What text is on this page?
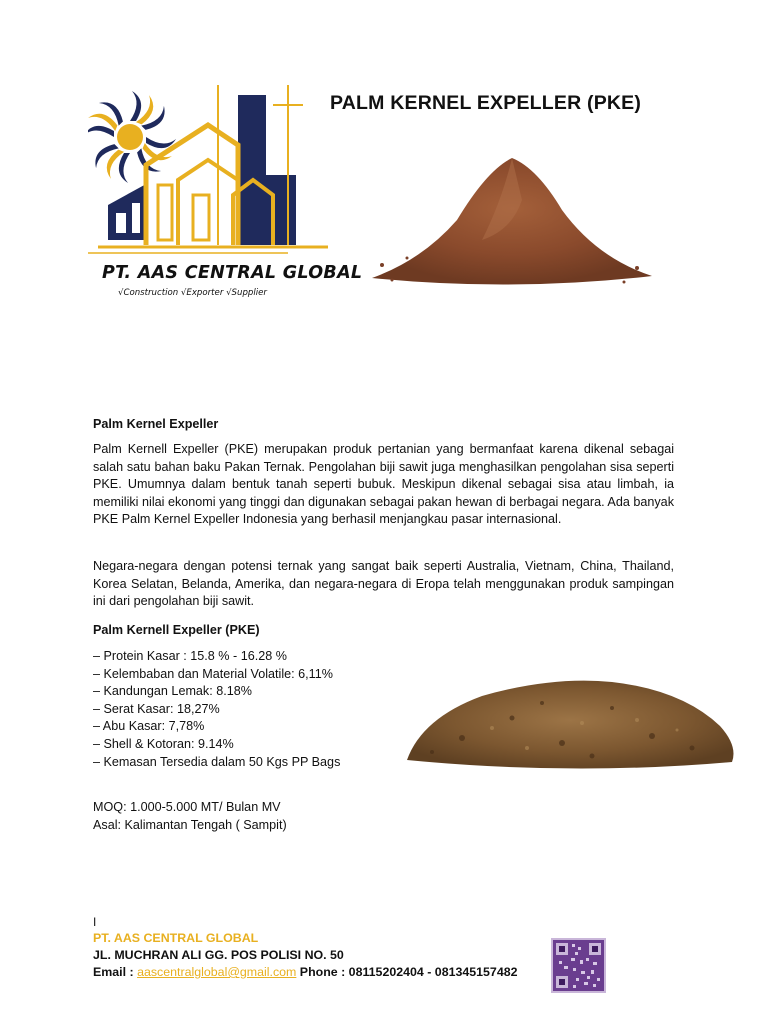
PT. AAS CENTRAL GLOBAL
√Construction √Exporter √Supplier
PALM KERNEL EXPELLER (PKE)
Palm Kernel Expeller
Palm Kernell Expeller (PKE) merupakan produk pertanian yang bermanfaat karena dikenal sebagai salah satu bahan baku Pakan Ternak. Pengolahan biji sawit juga menghasilkan pengolahan sisa seperti PKE. Umumnya dalam bentuk tanah seperti bubuk. Meskipun dikenal sebagai sisa atau limbah, ia memiliki nilai ekonomi yang tinggi dan digunakan sebagai pakan hewan di berbagai negara. Ada banyak PKE Palm Kernel Expeller Indonesia yang berhasil menjangkau pasar internasional.
Negara-negara dengan potensi ternak yang sangat baik seperti Australia, Vietnam, China, Thailand, Korea Selatan, Belanda, Amerika, dan negara-negara di Eropa telah menggunakan produk sampingan ini dari pengolahan biji sawit.
Palm Kernell Expeller (PKE)
– Protein Kasar : 15.8 % - 16.28 %
– Kelembaban dan Material Volatile: 6,11%
– Kandungan Lemak: 8.18%
– Serat Kasar: 18,27%
– Abu Kasar: 7,78%
– Shell & Kotoran: 9.14%
– Kemasan Tersedia dalam 50 Kgs PP Bags
MOQ: 1.000-5.000 MT/ Bulan MV
Asal: Kalimantan Tengah ( Sampit)
I
PT. AAS CENTRAL GLOBAL
JL. MUCHRAN ALI GG. POS POLISI NO. 50
Email : aascentralglobal@gmail.com Phone : 08115202404 - 081345157482
